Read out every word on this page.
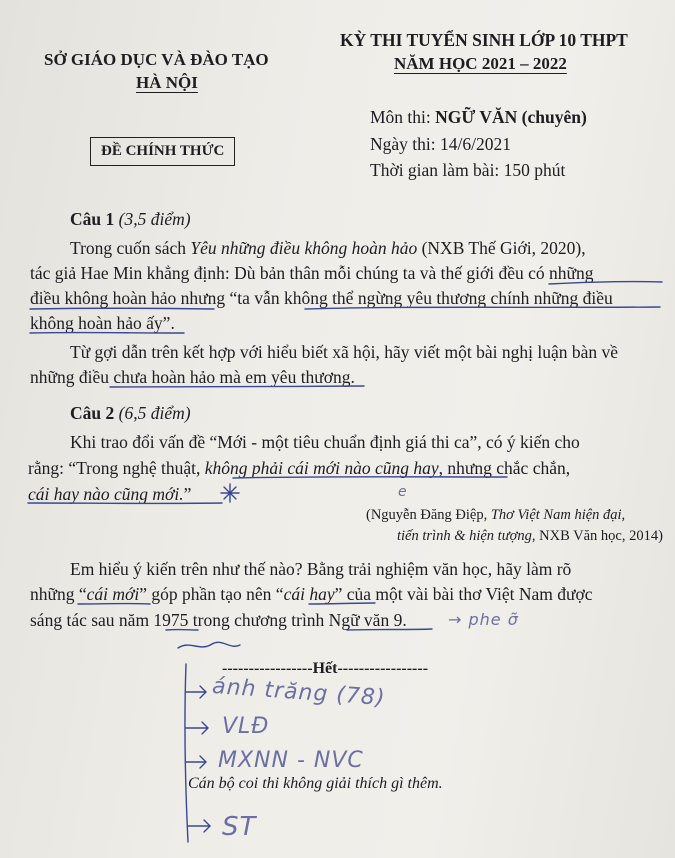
SỞ GIÁO DỤC VÀ ĐÀO TẠO
HÀ NỘI
KỲ THI TUYỂN SINH LỚP 10 THPT
NĂM HỌC 2021 – 2022
ĐỀ CHÍNH THỨC
Môn thi: NGỮ VĂN (chuyên)
Ngày thi: 14/6/2021
Thời gian làm bài: 150 phút
Câu 1 (3,5 điểm)
Trong cuốn sách Yêu những điều không hoàn hảo (NXB Thế Giới, 2020),
tác giả Hae Min khẳng định: Dù bản thân mỗi chúng ta và thế giới đều có những
điều không hoàn hảo nhưng “ta vẫn không thể ngừng yêu thương chính những điều
không hoàn hảo ấy”.
Từ gợi dẫn trên kết hợp với hiểu biết xã hội, hãy viết một bài nghị luận bàn về
những điều chưa hoàn hảo mà em yêu thương.
Câu 2 (6,5 điểm)
Khi trao đổi vấn đề “Mới - một tiêu chuẩn định giá thi ca”, có ý kiến cho
rằng: “Trong nghệ thuật, không phải cái mới nào cũng hay, nhưng chắc chắn,
cái hay nào cũng mới.”
(Nguyễn Đăng Điệp, Thơ Việt Nam hiện đại,
tiến trình & hiện tượng, NXB Văn học, 2014)
Em hiểu ý kiến trên như thế nào? Bằng trải nghiệm văn học, hãy làm rõ
những “cái mới” góp phần tạo nên “cái hay” của một vài bài thơ Việt Nam được
sáng tác sau năm 1975 trong chương trình Ngữ văn 9.
-----------------Hết-----------------
Cán bộ coi thi không giải thích gì thêm.
ánh trăng (78)
VLĐ
MXNN - NVC
ST
e
→ phe σ̃
